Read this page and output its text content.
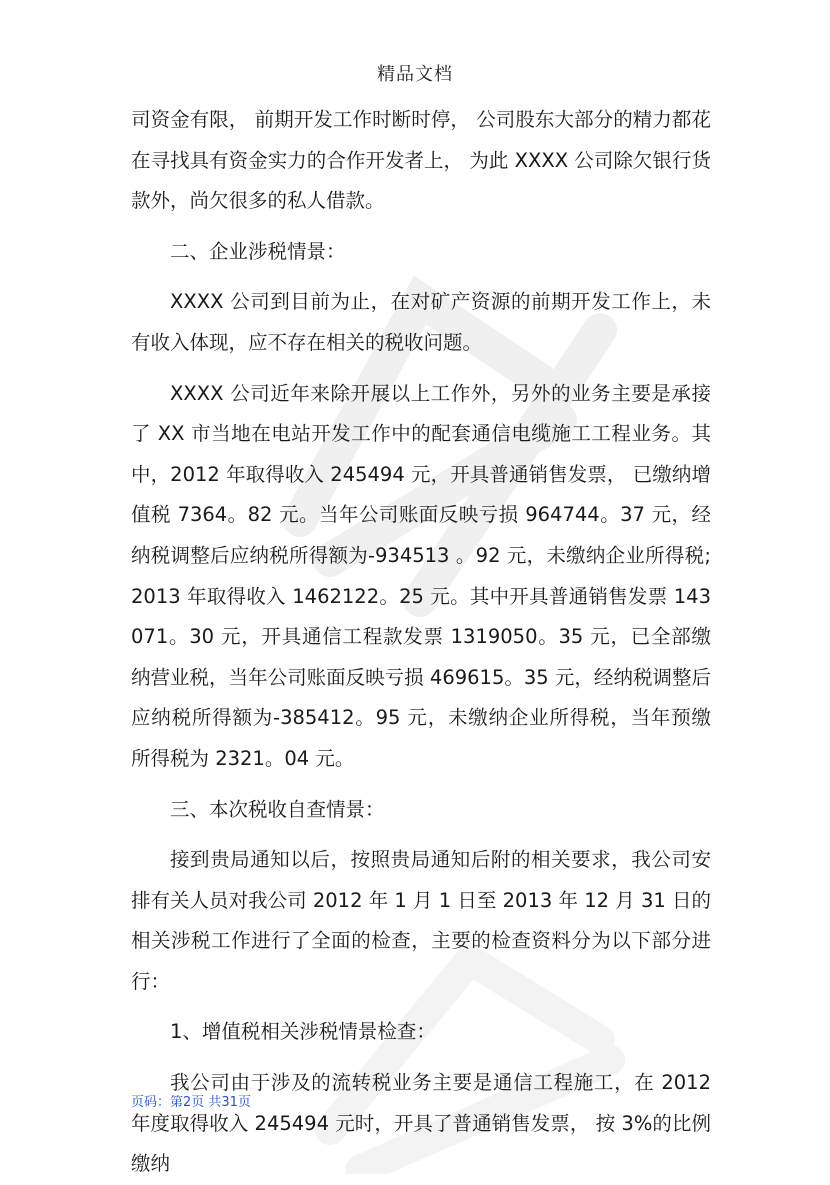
精品文档

司资金有限， 前期开发工作时断时停， 公司股东大部分的精力都花在寻找具有资金实力的合作开发者上， 为此 XXXX 公司除欠银行货款外，尚欠很多的私人借款。

二、企业涉税情景：

XXXX 公司到目前为止，在对矿产资源的前期开发工作上，未有收入体现，应不存在相关的税收问题。

XXXX 公司近年来除开展以上工作外，另外的业务主要是承接了 XX 市当地在电站开发工作中的配套通信电缆施工工程业务。其中，2012 年取得收入 245494 元，开具普通销售发票， 已缴纳增值税 7364。82 元。当年公司账面反映亏损 964744。37 元，经纳税调整后应纳税所得额为-934513 。92 元，未缴纳企业所得税;2013 年取得收入 1462122。25 元。其中开具普通销售发票 143071。30 元，开具通信工程款发票 1319050。35 元，已全部缴纳营业税，当年公司账面反映亏损 469615。35 元，经纳税调整后应纳税所得额为-385412。95 元，未缴纳企业所得税，当年预缴所得税为 2321。04 元。

三、本次税收自查情景：

接到贵局通知以后，按照贵局通知后附的相关要求，我公司安排有关人员对我公司 2012 年 1 月 1 日至 2013 年 12 月 31 日的相关涉税工作进行了全面的检查，主要的检查资料分为以下部分进行：

1、增值税相关涉税情景检查：

我公司由于涉及的流转税业务主要是通信工程施工，在 2012 年度取得收入 245494 元时，开具了普通销售发票， 按 3%的比例缴纳

页码：第2页 共31页
